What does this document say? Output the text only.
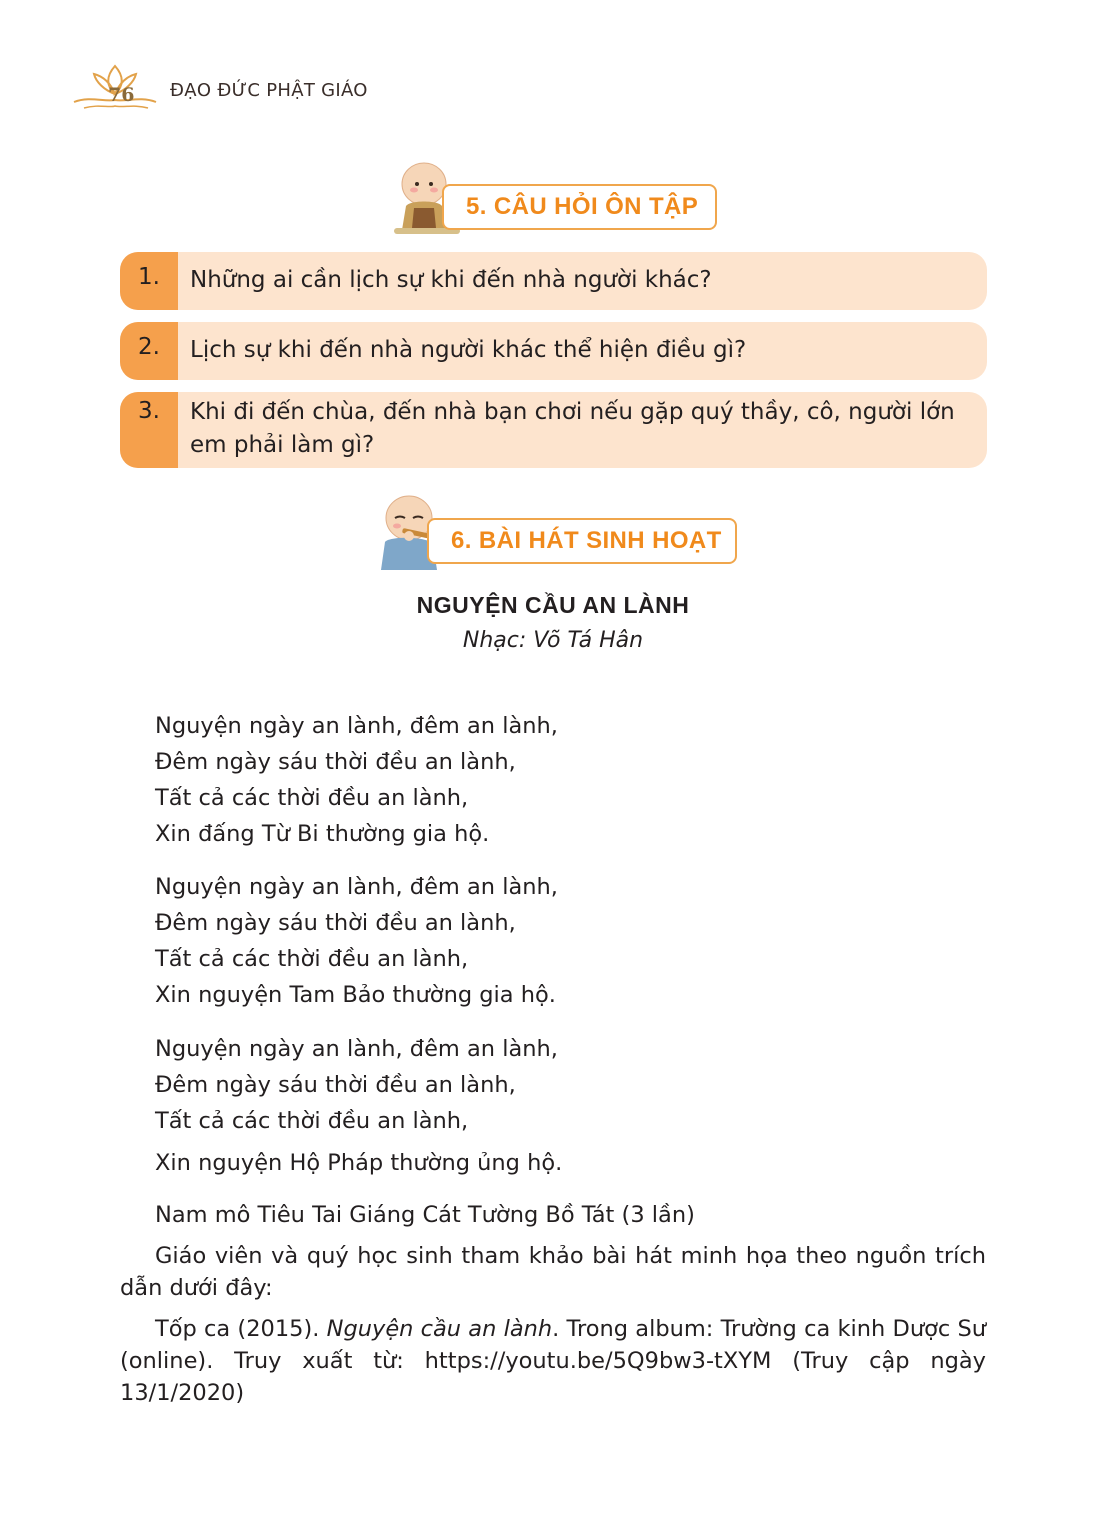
76	ĐẠO ĐỨC PHẬT GIÁO
5. CÂU HỎI ÔN TẬP
1.	Những ai cần lịch sự khi đến nhà người khác?
2.	Lịch sự khi đến nhà người khác thể hiện điều gì?
3.	Khi đi đến chùa, đến nhà bạn chơi nếu gặp quý thầy, cô, người lớn em phải làm gì?
6. BÀI HÁT SINH HOẠT
NGUYỆN CẦU AN LÀNH
Nhạc: Võ Tá Hân
Nguyện ngày an lành, đêm an lành,
Đêm ngày sáu thời đều an lành,
Tất cả các thời đều an lành,
Xin đấng Từ Bi thường gia hộ.
Nguyện ngày an lành, đêm an lành,
Đêm ngày sáu thời đều an lành,
Tất cả các thời đều an lành,
Xin nguyện Tam Bảo thường gia hộ.
Nguyện ngày an lành, đêm an lành,
Đêm ngày sáu thời đều an lành,
Tất cả các thời đều an lành,
Xin nguyện Hộ Pháp thường ủng hộ.
Nam mô Tiêu Tai Giáng Cát Tường Bồ Tát (3 lần)
Giáo viên và quý học sinh tham khảo bài hát minh họa theo nguồn trích dẫn dưới đây:
Tốp ca (2015). Nguyện cầu an lành. Trong album: Trường ca kinh Dược Sư (online). Truy xuất từ: https://youtu.be/5Q9bw3-tXYM (Truy cập ngày 13/1/2020)
